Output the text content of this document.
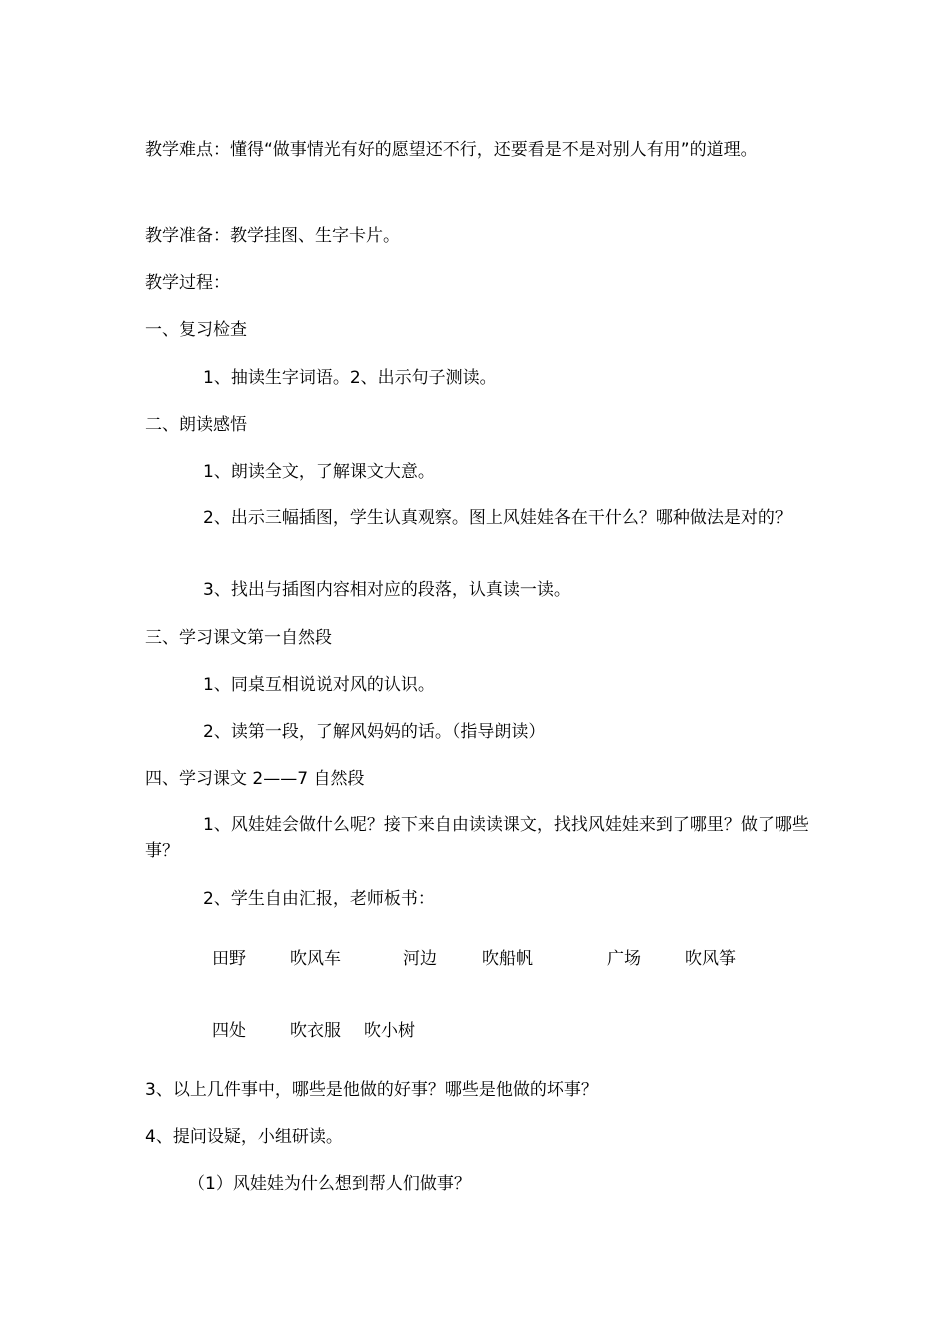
教学难点：懂得“做事情光有好的愿望还不行，还要看是不是对别人有用”的道理。
教学准备：教学挂图、生字卡片。
教学过程：
一、复习检查
1、抽读生字词语。2、出示句子测读。
二、朗读感悟
1、朗读全文，了解课文大意。
2、出示三幅插图，学生认真观察。图上风娃娃各在干什么？哪种做法是对的？
3、找出与插图内容相对应的段落，认真读一读。
三、学习课文第一自然段
1、同桌互相说说对风的认识。
2、读第一段，了解风妈妈的话。（指导朗读）
四、学习课文 2——7 自然段
1、风娃娃会做什么呢？接下来自由读读课文，找找风娃娃来到了哪里？做了哪些事？
2、学生自由汇报，老师板书：
田野	吹风车	河边	吹船帆	广场	吹风筝
四处	吹衣服 吹小树
3、以上几件事中，哪些是他做的好事？哪些是他做的坏事？
4、提问设疑，小组研读。
（1）风娃娃为什么想到帮人们做事？
